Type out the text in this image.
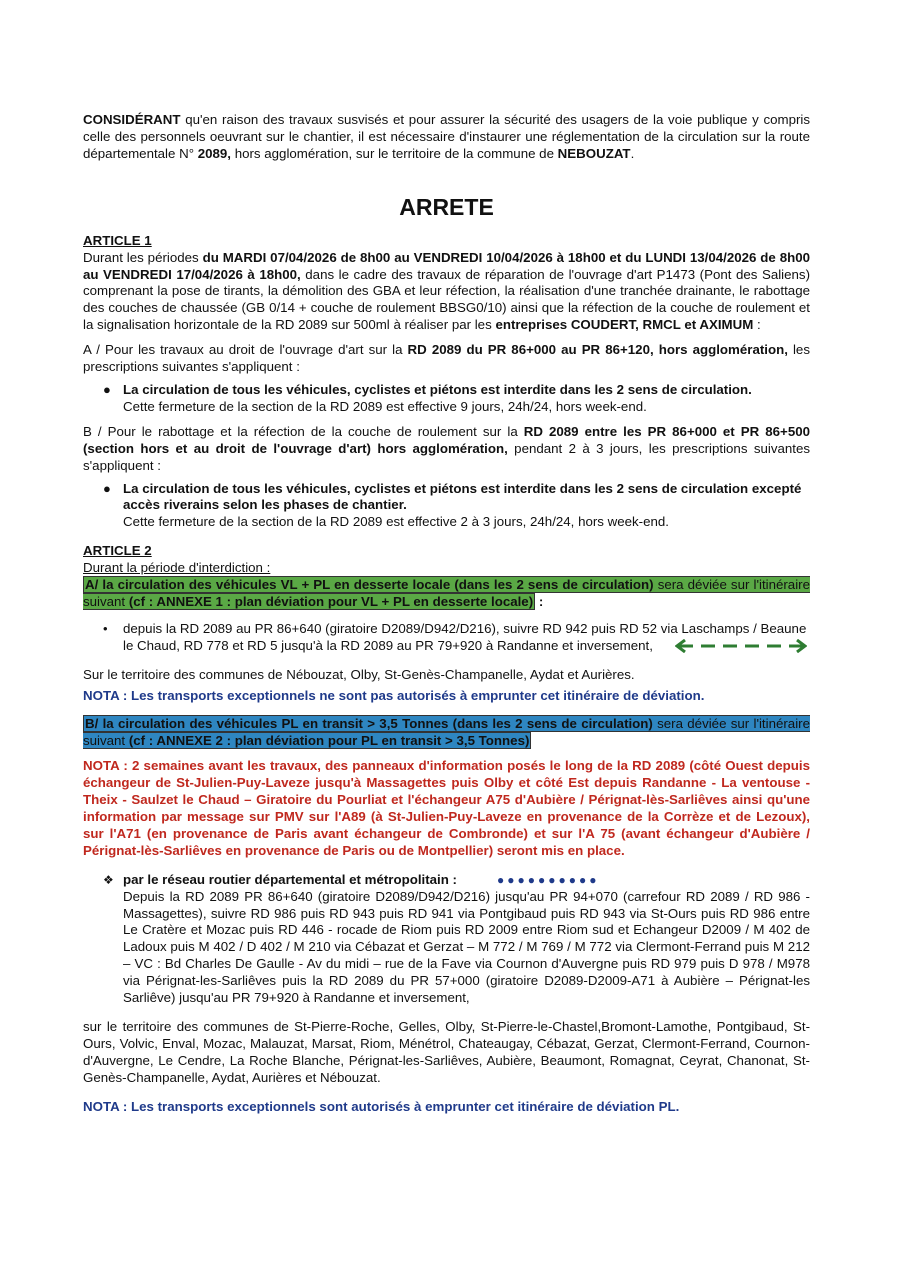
CONSIDÉRANT qu'en raison des travaux susvisés et pour assurer la sécurité des usagers de la voie publique y compris celle des personnels oeuvrant sur le chantier, il est nécessaire d'instaurer une réglementation de la circulation sur la route départementale N° 2089, hors agglomération, sur le territoire de la commune de NEBOUZAT.

ARRETE
ARTICLE 1

Durant les périodes du MARDI 07/04/2026 de 8h00 au VENDREDI 10/04/2026 à 18h00 et du LUNDI 13/04/2026 de 8h00 au VENDREDI 17/04/2026 à 18h00, dans le cadre des travaux de réparation de l'ouvrage d'art P1473 (Pont des Saliens) comprenant la pose de tirants, la démolition des GBA et leur réfection, la réalisation d'une tranchée drainante, le rabottage des couches de chaussée (GB 0/14 + couche de roulement BBSG0/10) ainsi que la réfection de la couche de roulement et la signalisation horizontale de la RD 2089 sur 500ml à réaliser par les entreprises COUDERT, RMCL et AXIMUM :

A / Pour les travaux au droit de l'ouvrage d'art sur la RD 2089 du PR 86+000 au PR 86+120, hors agglomération, les prescriptions suivantes s'appliquent :

● La circulation de tous les véhicules, cyclistes et piétons est interdite dans les 2 sens de circulation.
Cette fermeture de la section de la RD 2089 est effective 9 jours, 24h/24, hors week-end.

B / Pour le rabottage et la réfection de la couche de roulement sur la RD 2089 entre les PR 86+000 et PR 86+500 (section hors et au droit de l'ouvrage d'art) hors agglomération, pendant 2 à 3 jours, les prescriptions suivantes s'appliquent :

● La circulation de tous les véhicules, cyclistes et piétons est interdite dans les 2 sens de circulation excepté accès riverains selon les phases de chantier.
Cette fermeture de la section de la RD 2089 est effective 2 à 3 jours, 24h/24, hors week-end.
ARTICLE 2

Durant la période d'interdiction :

A/ la circulation des véhicules VL + PL en desserte locale (dans les 2 sens de circulation) sera déviée sur l'itinéraire suivant (cf : ANNEXE 1 : plan déviation pour VL + PL en desserte locale) :

•	depuis la RD 2089 au PR 86+640 (giratoire D2089/D942/D216), suivre RD 942 puis RD 52 via Laschamps / Beaune le Chaud, RD 778 et RD 5 jusqu'à la RD 2089 au PR 79+920 à Randanne et inversement,

Sur le territoire des communes de Nébouzat, Olby, St-Genès-Champanelle, Aydat et Aurières.

NOTA : Les transports exceptionnels ne sont pas autorisés à emprunter cet itinéraire de déviation.

B/ la circulation des véhicules PL en transit > 3,5 Tonnes (dans les 2 sens de circulation) sera déviée sur l'itinéraire suivant (cf : ANNEXE 2 : plan déviation pour PL en transit > 3,5 Tonnes)

NOTA : 2 semaines avant les travaux, des panneaux d'information posés le long de la RD 2089 (côté Ouest depuis échangeur de St-Julien-Puy-Laveze jusqu'à Massagettes puis Olby et côté Est depuis Randanne - La ventouse - Theix - Saulzet le Chaud – Giratoire du Pourliat et l'échangeur A75 d'Aubière / Pérignat-lès-Sarliêves ainsi qu'une information par message sur PMV sur l'A89 (à St-Julien-Puy-Laveze en provenance de la Corrèze et de Lezoux), sur l'A71 (en provenance de Paris avant échangeur de Combronde) et sur l'A 75 (avant échangeur d'Aubière / Pérignat-lès-Sarliêves en provenance de Paris ou de Montpellier) seront mis en place.

❖ par le réseau routier départemental et métropolitain :	●●●●●●●●●●
Depuis la RD 2089 PR 86+640 (giratoire D2089/D942/D216) jusqu'au PR 94+070 (carrefour RD 2089 / RD 986 - Massagettes), suivre RD 986 puis RD 943 puis RD 941 via Pontgibaud puis RD 943 via St-Ours puis RD 986 entre Le Cratère et Mozac puis RD 446 - rocade de Riom puis RD 2009 entre Riom sud et Echangeur D2009 / M 402 de Ladoux puis M 402 / D 402 / M 210 via Cébazat et Gerzat – M 772 / M 769 / M 772 via Clermont-Ferrand puis M 212 – VC : Bd Charles De Gaulle - Av du midi – rue de la Fave via Cournon d'Auvergne puis RD 979 puis D 978 / M978 via Pérignat-les-Sarliêves puis la RD 2089 du PR 57+000 (giratoire D2089-D2009-A71 à Aubière – Pérignat-les Sarliêve) jusqu'au PR 79+920 à Randanne et inversement,

sur le territoire des communes de St-Pierre-Roche, Gelles, Olby, St-Pierre-le-Chastel,Bromont-Lamothe, Pontgibaud, St-Ours, Volvic, Enval, Mozac, Malauzat, Marsat, Riom, Ménétrol, Chateaugay, Cébazat, Gerzat, Clermont-Ferrand, Cournon-d'Auvergne, Le Cendre, La Roche Blanche, Pérignat-les-Sarliêves, Aubière, Beaumont, Romagnat, Ceyrat, Chanonat, St-Genès-Champanelle, Aydat, Aurières et Nébouzat.

NOTA : Les transports exceptionnels sont autorisés à emprunter cet itinéraire de déviation PL.
